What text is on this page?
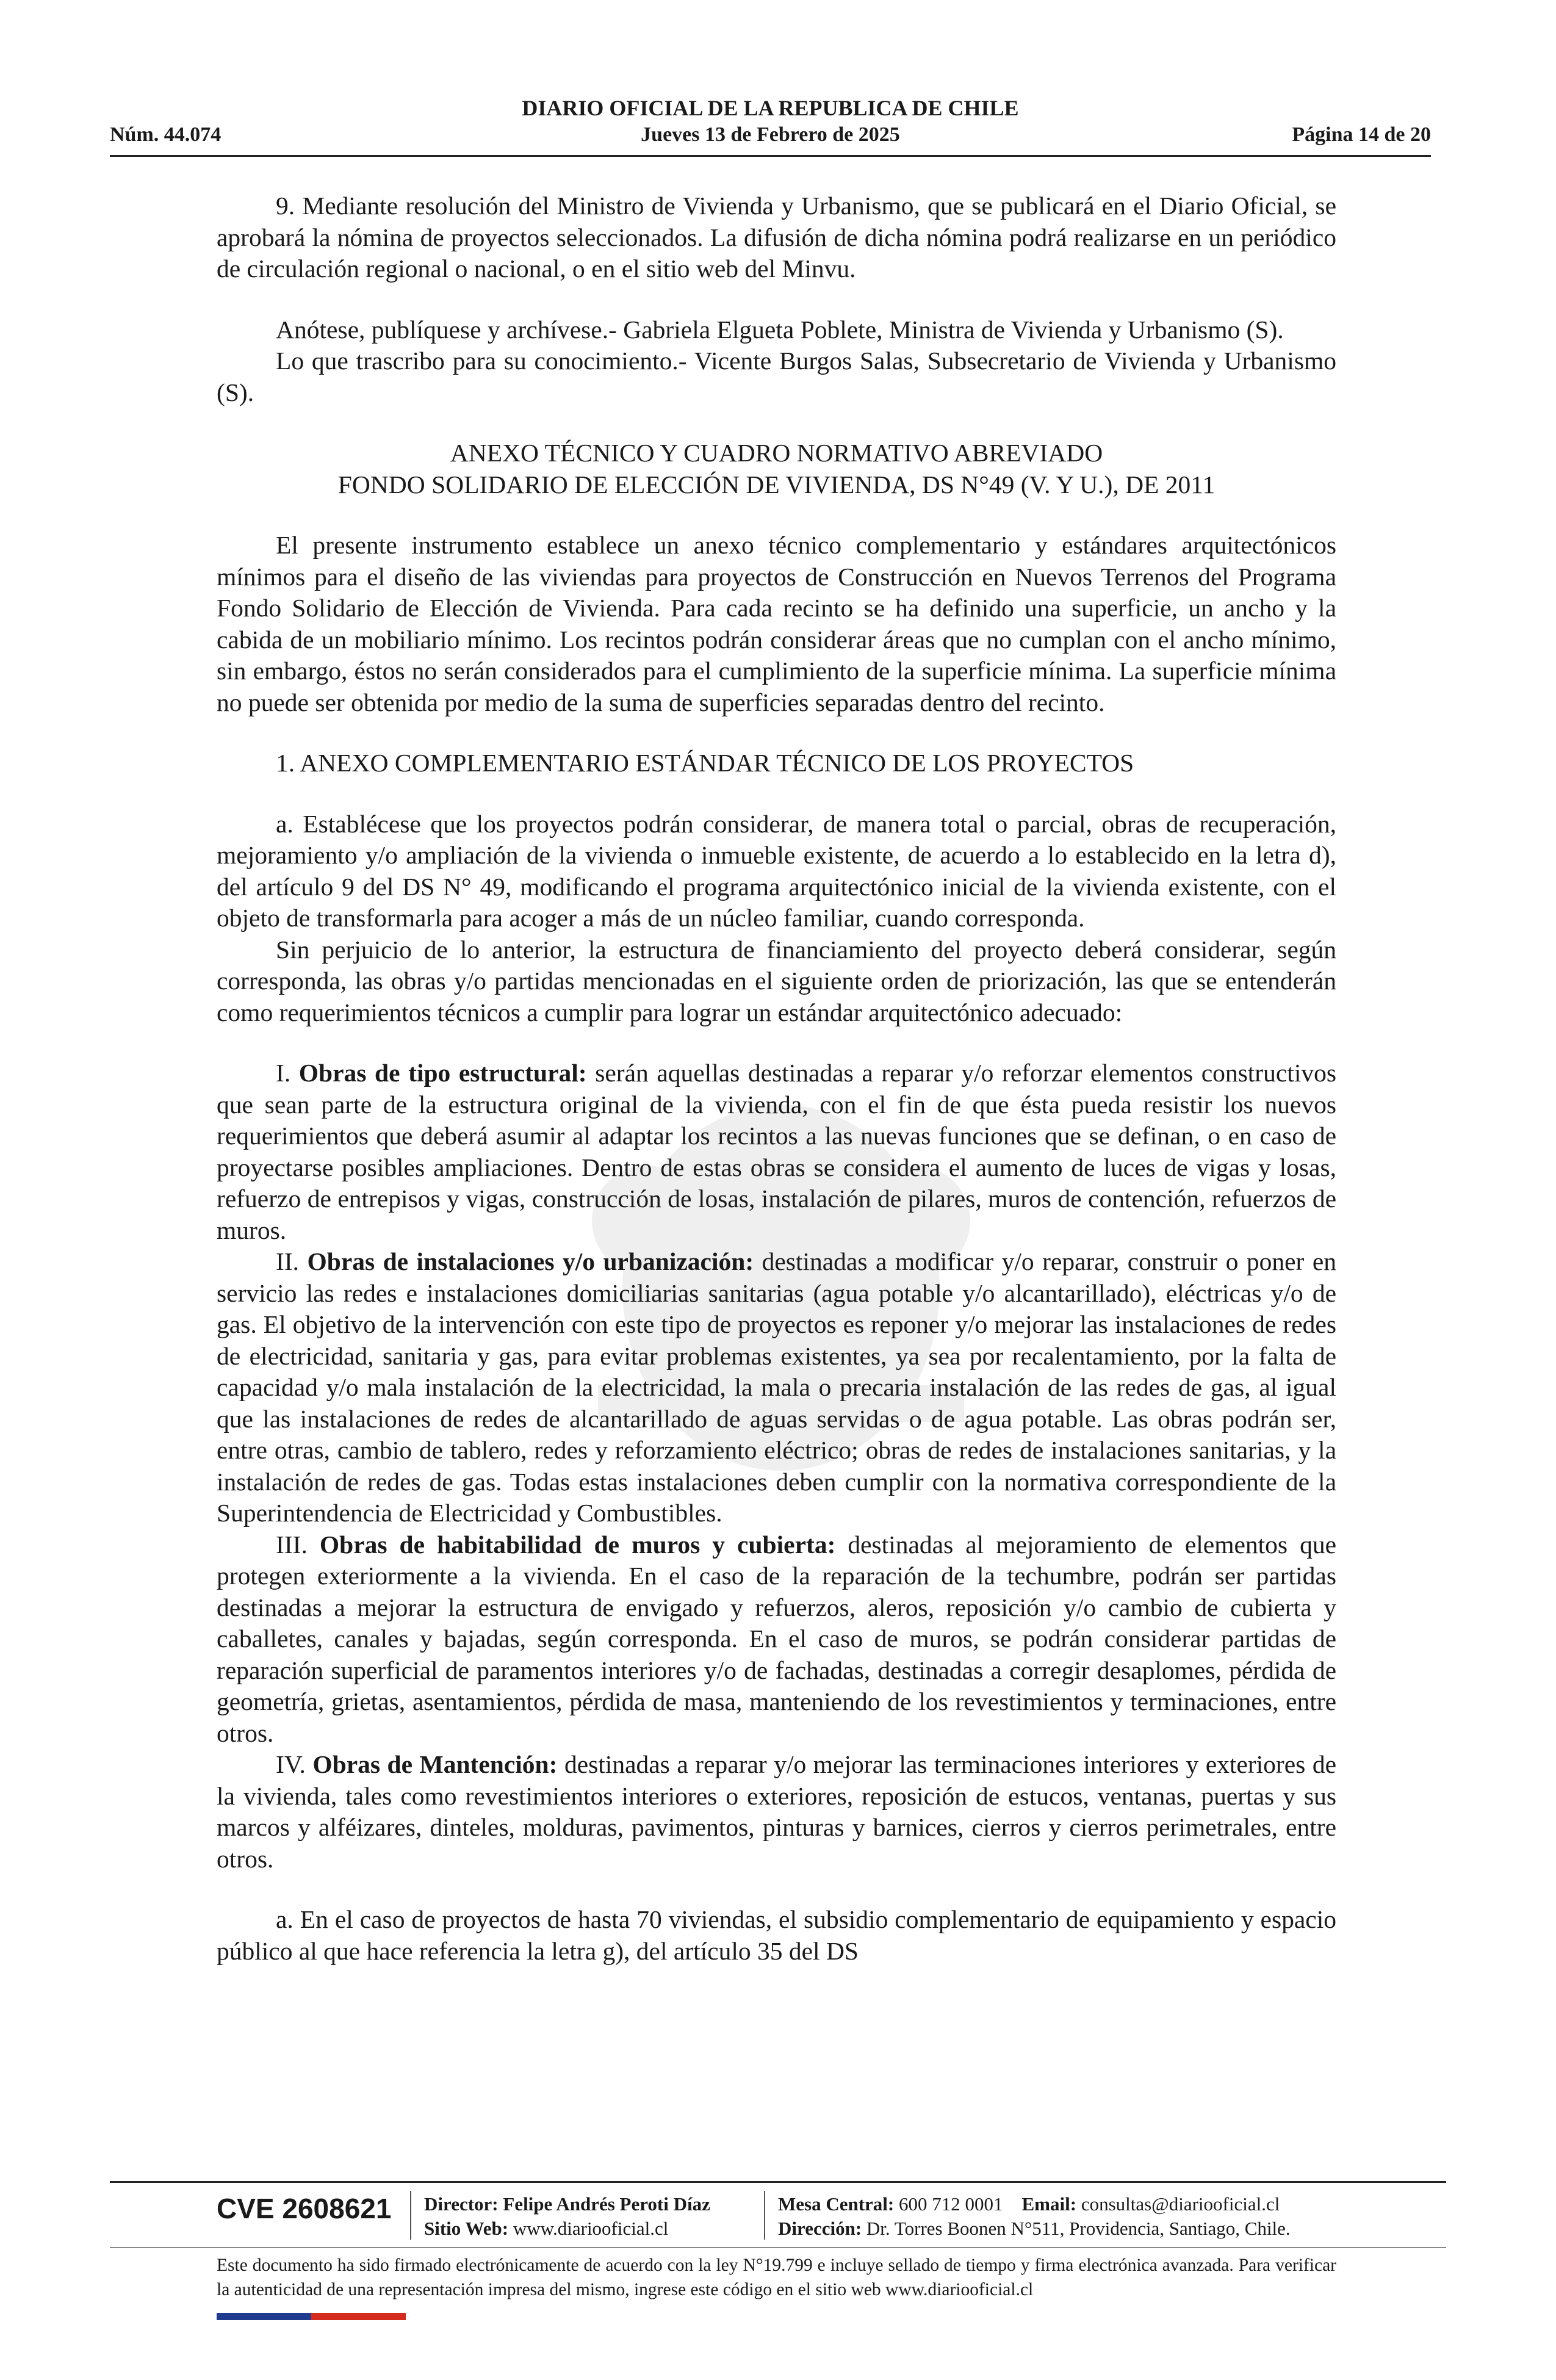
DIARIO OFICIAL DE LA REPUBLICA DE CHILE
Núm. 44.074	Jueves 13 de Febrero de 2025	Página 14 de 20

9. Mediante resolución del Ministro de Vivienda y Urbanismo, que se publicará en el Diario Oficial, se aprobará la nómina de proyectos seleccionados. La difusión de dicha nómina podrá realizarse en un periódico de circulación regional o nacional, o en el sitio web del Minvu.

Anótese, publíquese y archívese.- Gabriela Elgueta Poblete, Ministra de Vivienda y Urbanismo (S).

Lo que trascribo para su conocimiento.- Vicente Burgos Salas, Subsecretario de Vivienda y Urbanismo (S).

ANEXO TÉCNICO Y CUADRO NORMATIVO ABREVIADO

FONDO SOLIDARIO DE ELECCIÓN DE VIVIENDA, DS N°49 (V. Y U.), DE 2011

El presente instrumento establece un anexo técnico complementario y estándares arquitectónicos mínimos para el diseño de las viviendas para proyectos de Construcción en Nuevos Terrenos del Programa Fondo Solidario de Elección de Vivienda. Para cada recinto se ha definido una superficie, un ancho y la cabida de un mobiliario mínimo. Los recintos podrán considerar áreas que no cumplan con el ancho mínimo, sin embargo, éstos no serán considerados para el cumplimiento de la superficie mínima. La superficie mínima no puede ser obtenida por medio de la suma de superficies separadas dentro del recinto.

1. ANEXO COMPLEMENTARIO ESTÁNDAR TÉCNICO DE LOS PROYECTOS

a. Establécese que los proyectos podrán considerar, de manera total o parcial, obras de recuperación, mejoramiento y/o ampliación de la vivienda o inmueble existente, de acuerdo a lo establecido en la letra d), del artículo 9 del DS N° 49, modificando el programa arquitectónico inicial de la vivienda existente, con el objeto de transformarla para acoger a más de un núcleo familiar, cuando corresponda.

Sin perjuicio de lo anterior, la estructura de financiamiento del proyecto deberá considerar, según corresponda, las obras y/o partidas mencionadas en el siguiente orden de priorización, las que se entenderán como requerimientos técnicos a cumplir para lograr un estándar arquitectónico adecuado:

I. Obras de tipo estructural: serán aquellas destinadas a reparar y/o reforzar elementos constructivos que sean parte de la estructura original de la vivienda, con el fin de que ésta pueda resistir los nuevos requerimientos que deberá asumir al adaptar los recintos a las nuevas funciones que se definan, o en caso de proyectarse posibles ampliaciones. Dentro de estas obras se considera el aumento de luces de vigas y losas, refuerzo de entrepisos y vigas, construcción de losas, instalación de pilares, muros de contención, refuerzos de muros.

II. Obras de instalaciones y/o urbanización: destinadas a modificar y/o reparar, construir o poner en servicio las redes e instalaciones domiciliarias sanitarias (agua potable y/o alcantarillado), eléctricas y/o de gas. El objetivo de la intervención con este tipo de proyectos es reponer y/o mejorar las instalaciones de redes de electricidad, sanitaria y gas, para evitar problemas existentes, ya sea por recalentamiento, por la falta de capacidad y/o mala instalación de la electricidad, la mala o precaria instalación de las redes de gas, al igual que las instalaciones de redes de alcantarillado de aguas servidas o de agua potable. Las obras podrán ser, entre otras, cambio de tablero, redes y reforzamiento eléctrico; obras de redes de instalaciones sanitarias, y la instalación de redes de gas. Todas estas instalaciones deben cumplir con la normativa correspondiente de la Superintendencia de Electricidad y Combustibles.

III. Obras de habitabilidad de muros y cubierta: destinadas al mejoramiento de elementos que protegen exteriormente a la vivienda. En el caso de la reparación de la techumbre, podrán ser partidas destinadas a mejorar la estructura de envigado y refuerzos, aleros, reposición y/o cambio de cubierta y caballetes, canales y bajadas, según corresponda. En el caso de muros, se podrán considerar partidas de reparación superficial de paramentos interiores y/o de fachadas, destinadas a corregir desaplomes, pérdida de geometría, grietas, asentamientos, pérdida de masa, manteniendo de los revestimientos y terminaciones, entre otros.

IV. Obras de Mantención: destinadas a reparar y/o mejorar las terminaciones interiores y exteriores de la vivienda, tales como revestimientos interiores o exteriores, reposición de estucos, ventanas, puertas y sus marcos y alféizares, dinteles, molduras, pavimentos, pinturas y barnices, cierros y cierros perimetrales, entre otros.

a. En el caso de proyectos de hasta 70 viviendas, el subsidio complementario de equipamiento y espacio público al que hace referencia la letra g), del artículo 35 del DS

CVE 2608621 Director: Felipe Andrés Peroti Díaz
Sitio Web: www.diariooficial.cl
Mesa Central: 600 712 0001 Email: consultas@diariooficial.cl
Dirección: Dr. Torres Boonen N°511, Providencia, Santiago, Chile.
Este documento ha sido firmado electrónicamente de acuerdo con la ley N°19.799 e incluye sellado de tiempo y firma electrónica avanzada. Para verificar la autenticidad de una representación impresa del mismo, ingrese este código en el sitio web www.diariooficial.cl
